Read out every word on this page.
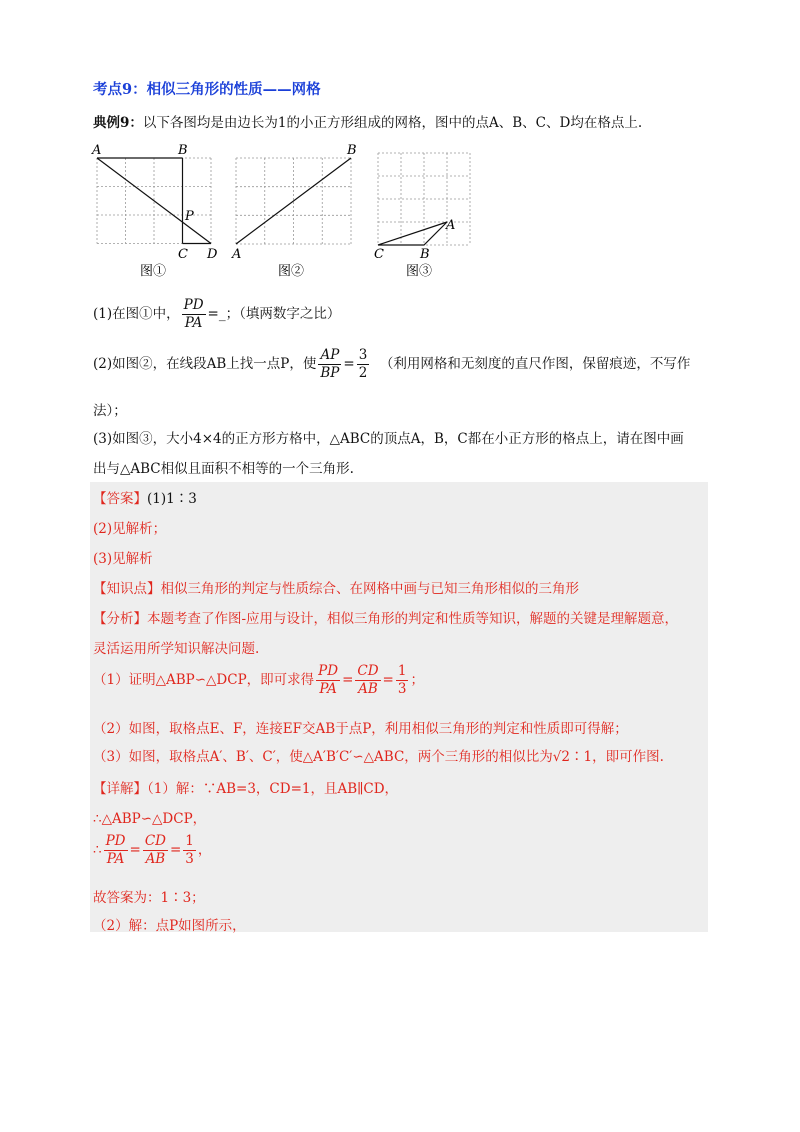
考点9：相似三角形的性质——网格
典例9：以下各图均是由边长为1的小正方形组成的网格，图中的点A、B、C、D均在格点上.
A	B
P
C D
图①
A
B
图②
C	B
A
图③
(1)在图①中， $\frac{PD}{PA}$ =_；（填两数字之比）
(2)如图②，在线段AB上找一点P，使 $\frac{AP}{BP} = \frac{3}{2}$ （利用网格和无刻度的直尺作图，保留痕迹，不写作
法）；
(3)如图③，大小4×4的正方形方格中，△ABC的顶点A，B，C都在小正方形的格点上，请在图中画
出与△ABC相似且面积不相等的一个三角形.
【答案】(1)1∶3
(2)见解析；
(3)见解析
【知识点】相似三角形的判定与性质综合、在网格中画与已知三角形相似的三角形
【分析】本题考查了作图-应用与设计，相似三角形的判定和性质等知识，解题的关键是理解题意，
灵活运用所学知识解决问题.
（1）证明△ABP∽△DCP，即可求得 $\frac{PD}{PA} = \frac{CD}{AB} = \frac{1}{3}$ ；
（2）如图，取格点E、F，连接EF交AB于点P，利用相似三角形的判定和性质即可得解；
（3）如图，取格点A′、B′、C′，使△A′B′C′∽△ABC，两个三角形的相似比为√2∶1，即可作图.
【详解】（1）解：∵AB=3，CD=1，且AB∥CD，
∴△ABP∽△DCP，
∴ $\frac{PD}{PA} = \frac{CD}{AB} = \frac{1}{3}$ ，
故答案为：1∶3；
（2）解：点P如图所示，
